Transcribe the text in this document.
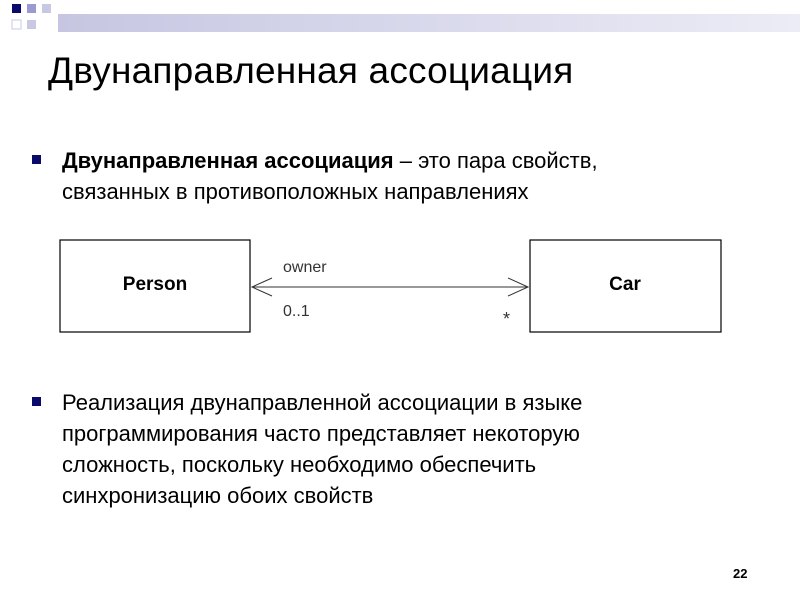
Двунаправленная ассоциация
Двунаправленная ассоциация – это пара свойств,
связанных в противоположных направлениях
Person	Car
owner
0..1	*
Реализация двунаправленной ассоциации в языке
программирования часто представляет некоторую
сложность, поскольку необходимо обеспечить
синхронизацию обоих свойств
22
